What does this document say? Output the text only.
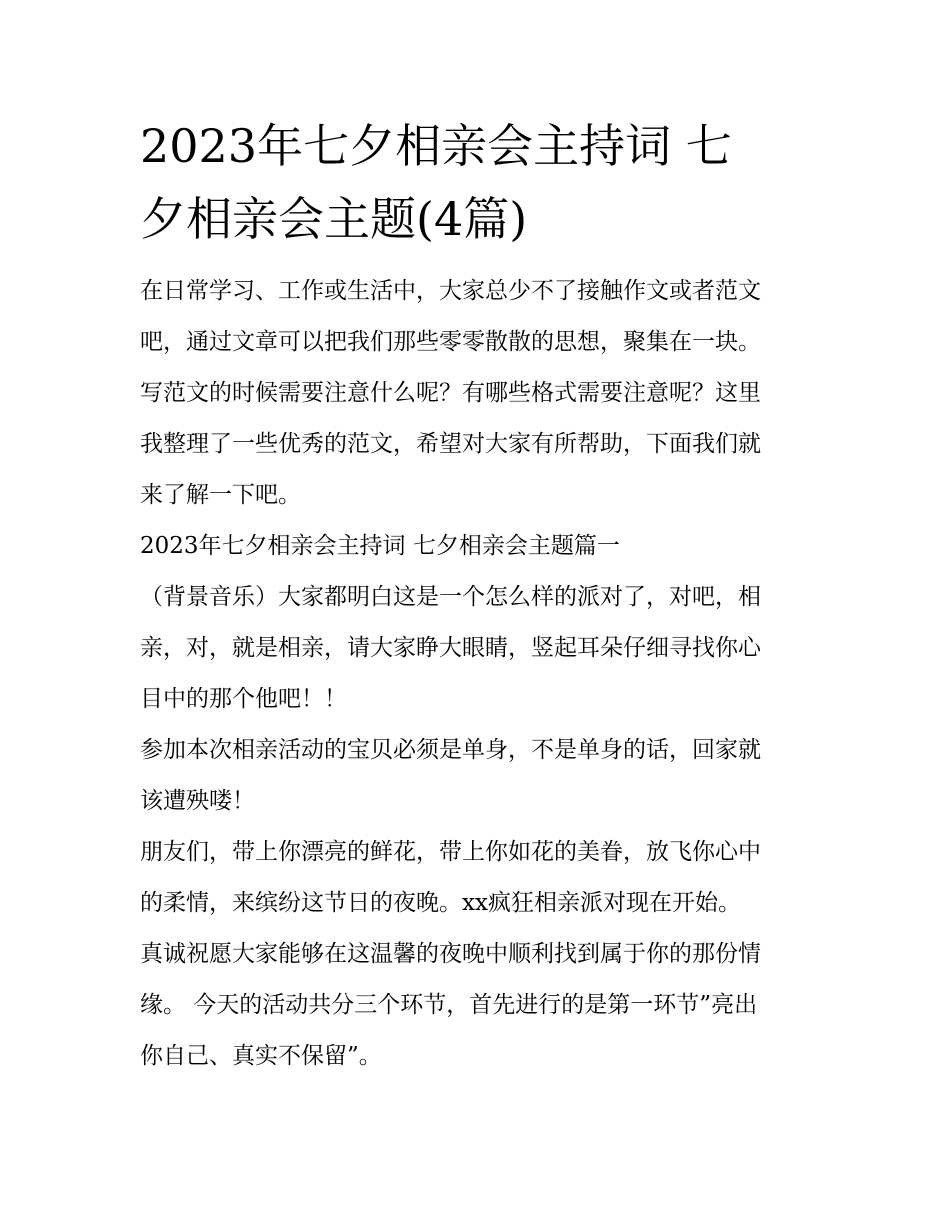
2023年七夕相亲会主持词 七
夕相亲会主题(4篇)

在日常学习、工作或生活中，大家总少不了接触作文或者范文
吧，通过文章可以把我们那些零零散散的思想，聚集在一块。
写范文的时候需要注意什么呢？有哪些格式需要注意呢？这里
我整理了一些优秀的范文，希望对大家有所帮助，下面我们就
来了解一下吧。

2023年七夕相亲会主持词 七夕相亲会主题篇一

（背景音乐）大家都明白这是一个怎么样的派对了，对吧，相
亲，对，就是相亲，请大家睁大眼睛，竖起耳朵仔细寻找你心
目中的那个他吧！！

参加本次相亲活动的宝贝必须是单身，不是单身的话，回家就
该遭殃喽！

朋友们，带上你漂亮的鲜花，带上你如花的美眷，放飞你心中
的柔情，来缤纷这节日的夜晚。xx疯狂相亲派对现在开始。

真诚祝愿大家能够在这温馨的夜晚中顺利找到属于你的那份情
缘。 今天的活动共分三个环节，首先进行的是第一环节”亮出
你自己、真实不保留”。
